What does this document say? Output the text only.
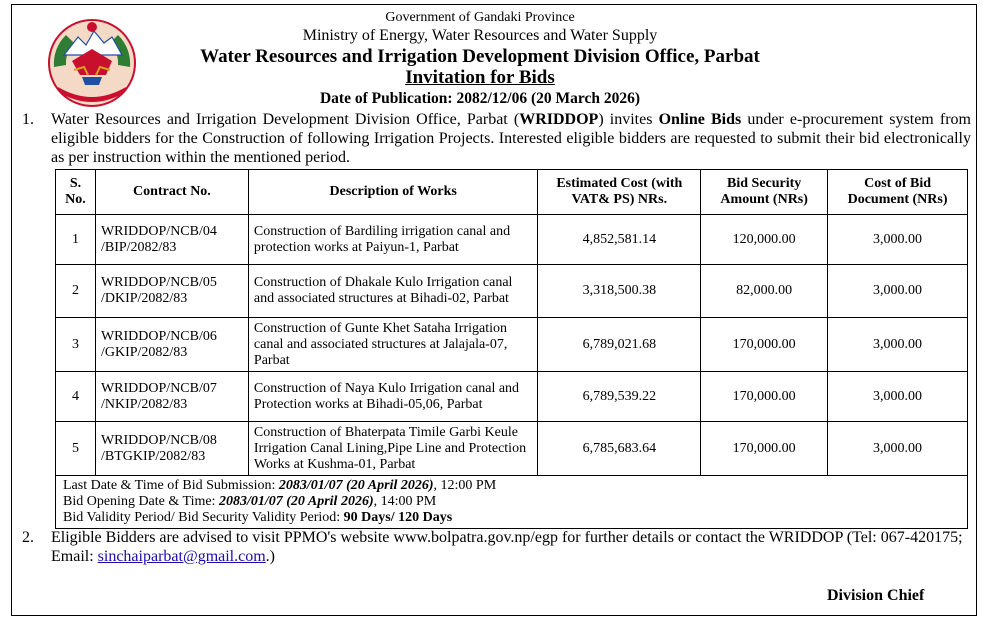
Government of Gandaki Province
Ministry of Energy, Water Resources and Water Supply
Water Resources and Irrigation Development Division Office, Parbat
Invitation for Bids
Date of Publication: 2082/12/06 (20 March 2026)
1. Water Resources and Irrigation Development Division Office, Parbat (WRIDDOP) invites Online Bids under e-procurement system from eligible bidders for the Construction of following Irrigation Projects. Interested eligible bidders are requested to submit their bid electronically as per instruction within the mentioned period.
S. No.	Contract No.	Description of Works	Estimated Cost (with VAT& PS) NRs.	Bid Security Amount (NRs)	Cost of Bid Document (NRs)
1	WRIDDOP/NCB/04 /BIP/2082/83	Construction of Bardiling irrigation canal and protection works at Paiyun-1, Parbat	4,852,581.14	120,000.00	3,000.00
2	WRIDDOP/NCB/05 /DKIP/2082/83	Construction of Dhakale Kulo Irrigation canal and associated structures at Bihadi-02, Parbat	3,318,500.38	82,000.00	3,000.00
3	WRIDDOP/NCB/06 /GKIP/2082/83	Construction of Gunte Khet Sataha Irrigation canal and associated structures at Jalajala-07, Parbat	6,789,021.68	170,000.00	3,000.00
4	WRIDDOP/NCB/07 /NKIP/2082/83	Construction of Naya Kulo Irrigation canal and Protection works at Bihadi-05,06, Parbat	6,789,539.22	170,000.00	3,000.00
5	WRIDDOP/NCB/08 /BTGKIP/2082/83	Construction of Bhaterpata Timile Garbi Keule Irrigation Canal Lining,Pipe Line and Protection Works at Kushma-01, Parbat	6,785,683.64	170,000.00	3,000.00

Last Date & Time of Bid Submission: 2083/01/07 (20 April 2026), 12:00 PM
Bid Opening Date & Time: 2083/01/07 (20 April 2026), 14:00 PM
Bid Validity Period/ Bid Security Validity Period: 90 Days/ 120 Days					
2. Eligible Bidders are advised to visit PPMO's website www.bolpatra.gov.np/egp for further details or contact the WRIDDOP (Tel: 067-420175; Email: sinchaiparbat@gmail.com.)
Division Chief
